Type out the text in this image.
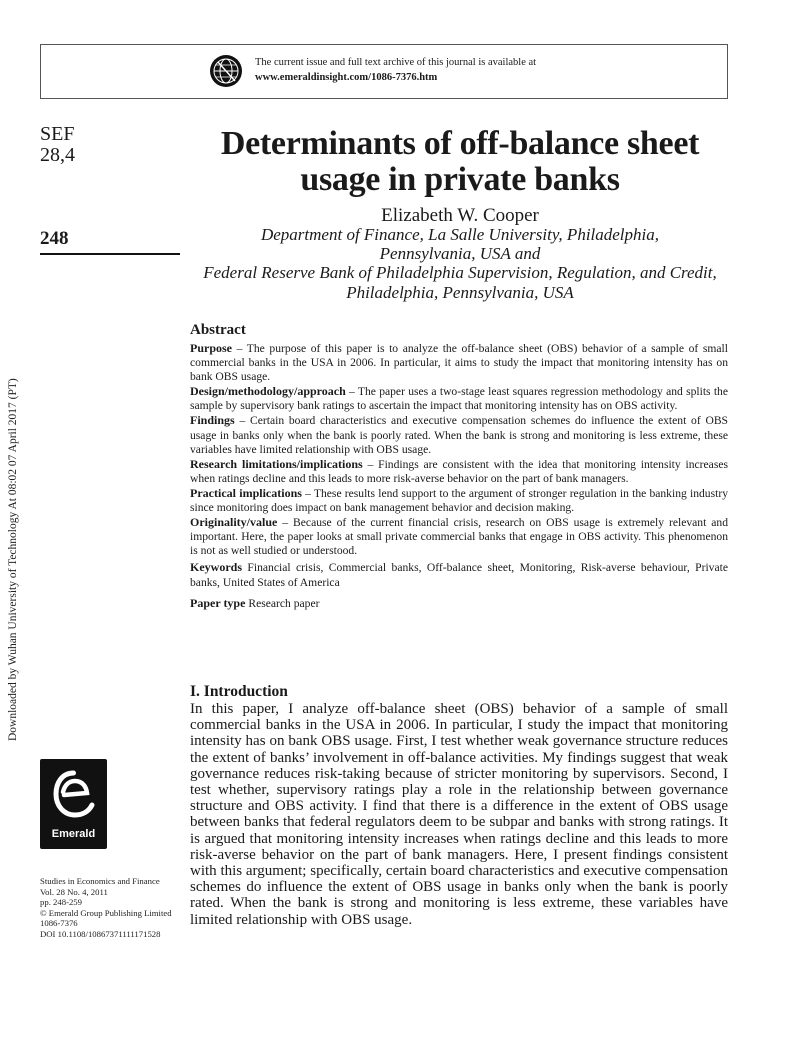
The current issue and full text archive of this journal is available at
www.emeraldinsight.com/1086-7376.htm
Downloaded by Wuhan University of Technology At 08:02 07 April 2017 (PT)
SEF
28,4
248
Determinants of off-balance sheet
usage in private banks
Elizabeth W. Cooper
Department of Finance, La Salle University, Philadelphia,
Pennsylvania, USA and
Federal Reserve Bank of Philadelphia Supervision, Regulation, and Credit,
Philadelphia, Pennsylvania, USA
Abstract

Purpose – The purpose of this paper is to analyze the off-balance sheet (OBS) behavior of a sample of small commercial banks in the USA in 2006. In particular, it aims to study the impact that monitoring intensity has on bank OBS usage.

Design/methodology/approach – The paper uses a two-stage least squares regression methodology and splits the sample by supervisory bank ratings to ascertain the impact that monitoring intensity has on OBS activity.

Findings – Certain board characteristics and executive compensation schemes do influence the extent of OBS usage in banks only when the bank is poorly rated. When the bank is strong and monitoring is less extreme, these variables have limited relationship with OBS usage.

Research limitations/implications – Findings are consistent with the idea that monitoring intensity increases when ratings decline and this leads to more risk-averse behavior on the part of bank managers.

Practical implications – These results lend support to the argument of stronger regulation in the banking industry since monitoring does impact on bank management behavior and decision making.

Originality/value – Because of the current financial crisis, research on OBS usage is extremely relevant and important. Here, the paper looks at small private commercial banks that engage in OBS activity. This phenomenon is not as well studied or understood.

Keywords Financial crisis, Commercial banks, Off-balance sheet, Monitoring, Risk-averse behaviour, Private banks, United States of America

Paper type Research paper

I. Introduction
In this paper, I analyze off-balance sheet (OBS) behavior of a sample of small commercial banks in the USA in 2006. In particular, I study the impact that monitoring intensity has on bank OBS usage. First, I test whether weak governance structure reduces the extent of banks’ involvement in off-balance activities. My findings suggest that weak governance reduces risk-taking because of stricter monitoring by supervisors. Second, I test whether, supervisory ratings play a role in the relationship between governance structure and OBS activity. I find that there is a difference in the extent of OBS usage between banks that federal regulators deem to be subpar and banks with strong ratings. It is argued that monitoring intensity increases when ratings decline and this leads to more risk-averse behavior on the part of bank managers. Here, I present findings consistent with this argument; specifically, certain board characteristics and executive compensation schemes do influence the extent of OBS usage in banks only when the bank is poorly rated. When the bank is strong and monitoring is less extreme, these variables have limited relationship with OBS usage.
Emerald
Studies in Economics and Finance
Vol. 28 No. 4, 2011
pp. 248-259
© Emerald Group Publishing Limited
1086-7376
DOI 10.1108/10867371111171528
